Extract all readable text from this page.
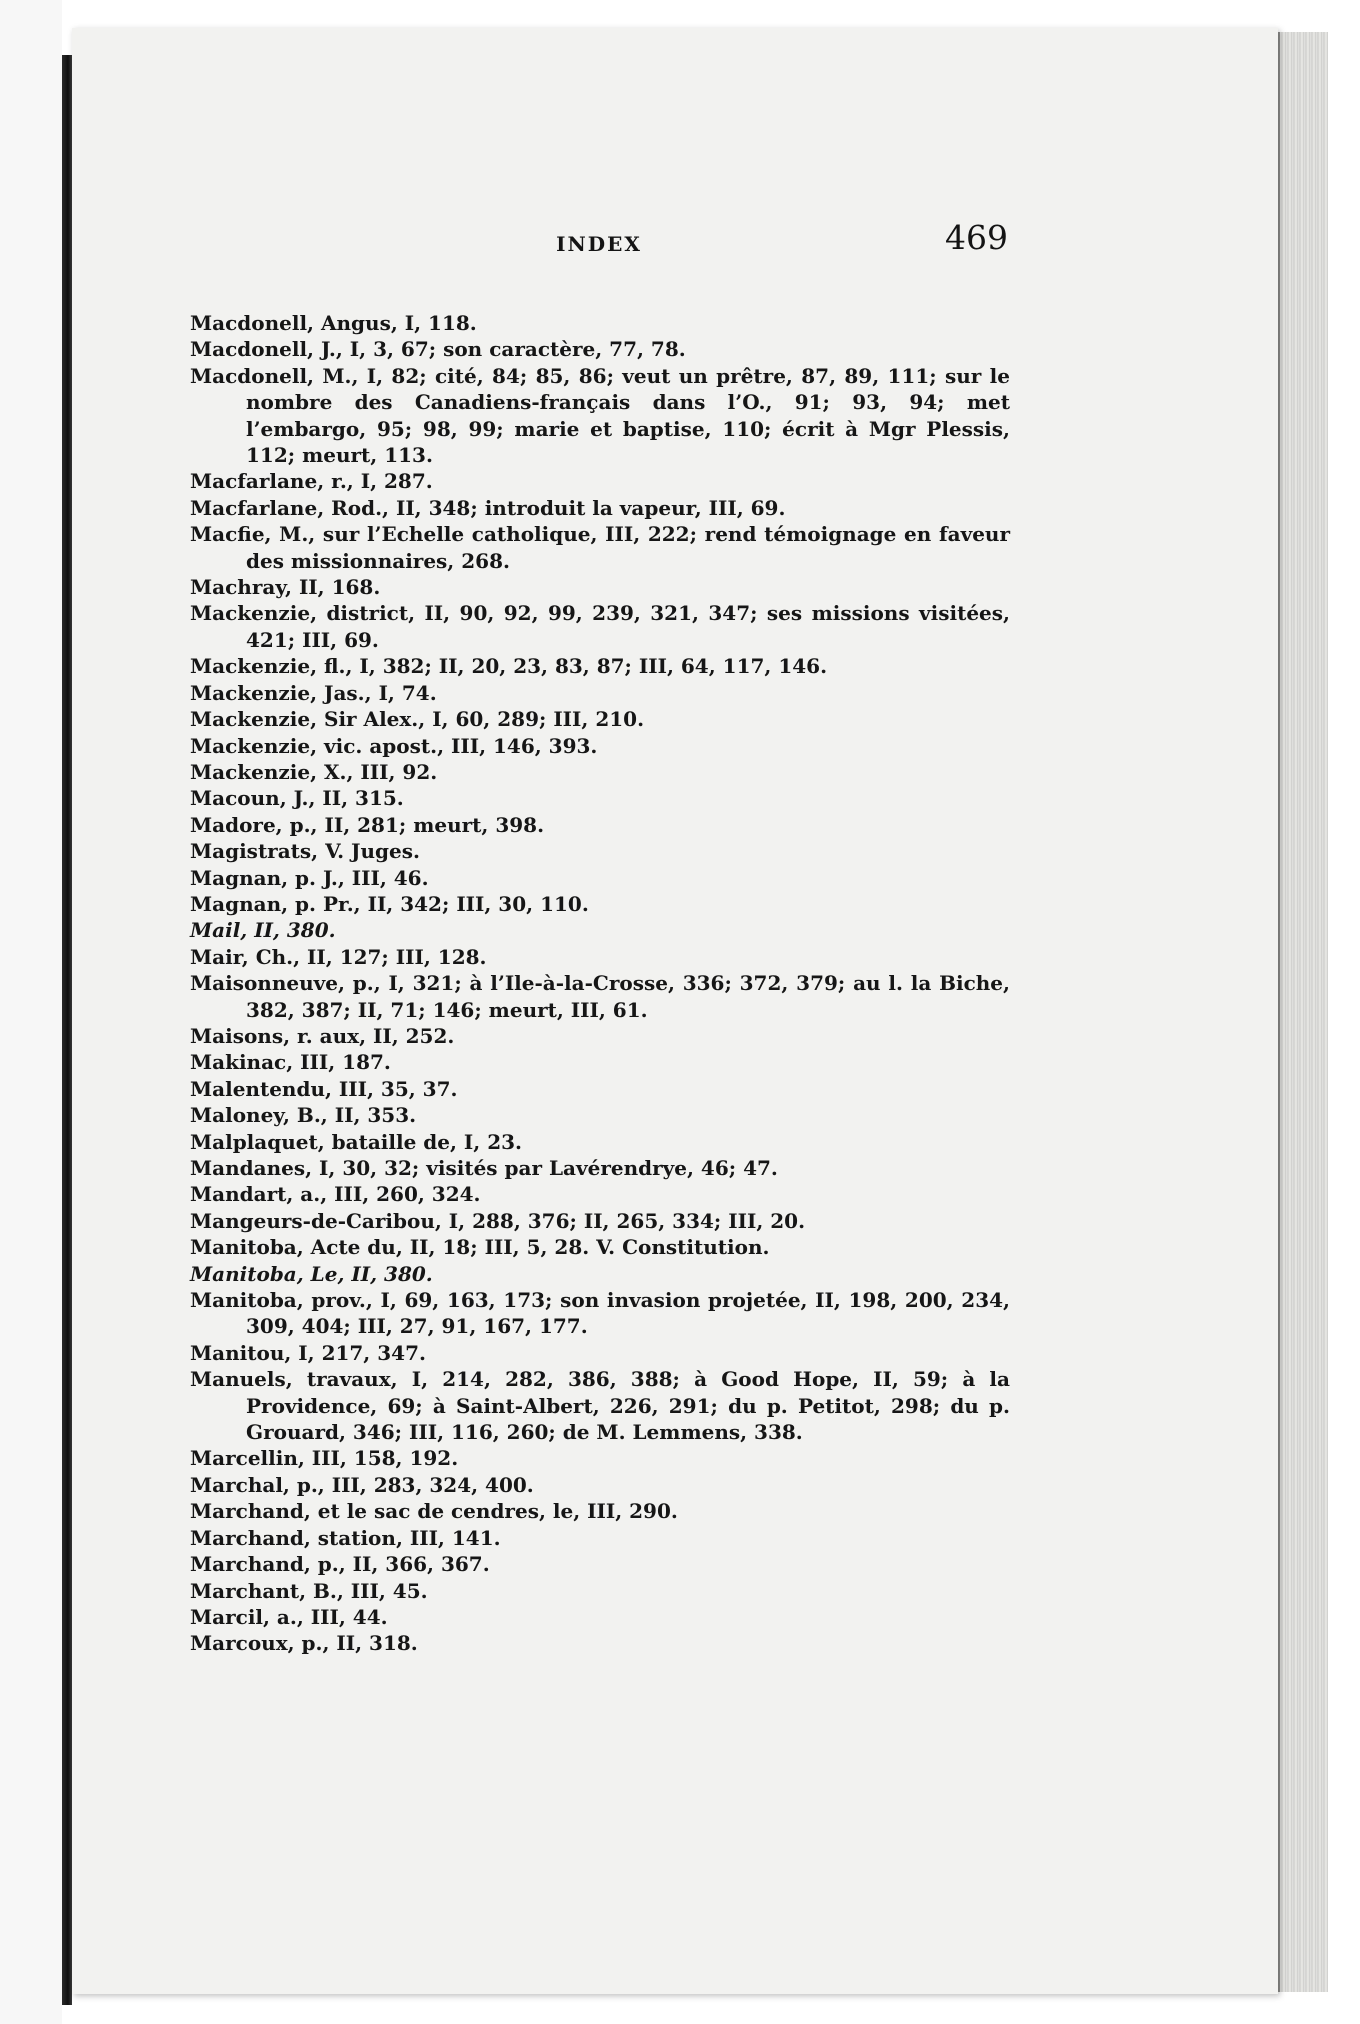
INDEX	469
Macdonell, Angus, I, 118.
Macdonell, J., I, 3, 67; son caractère, 77, 78.
Macdonell, M., I, 82; cité, 84; 85, 86; veut un prêtre, 87, 89, 111; sur le nombre des Canadiens-français dans l’O., 91; 93, 94; met l’embargo, 95; 98, 99; marie et baptise, 110; écrit à Mgr Plessis, 112; meurt, 113.
Macfarlane, r., I, 287.
Macfarlane, Rod., II, 348; introduit la vapeur, III, 69.
Macfie, M., sur l’Echelle catholique, III, 222; rend témoignage en faveur des missionnaires, 268.
Machray, II, 168.
Mackenzie, district, II, 90, 92, 99, 239, 321, 347; ses missions visitées, 421; III, 69.
Mackenzie, fl., I, 382; II, 20, 23, 83, 87; III, 64, 117, 146.
Mackenzie, Jas., I, 74.
Mackenzie, Sir Alex., I, 60, 289; III, 210.
Mackenzie, vic. apost., III, 146, 393.
Mackenzie, X., III, 92.
Macoun, J., II, 315.
Madore, p., II, 281; meurt, 398.
Magistrats, V. Juges.
Magnan, p. J., III, 46.
Magnan, p. Pr., II, 342; III, 30, 110.
Mail, II, 380.
Mair, Ch., II, 127; III, 128.
Maisonneuve, p., I, 321; à l’Ile-à-la-Crosse, 336; 372, 379; au l. la Biche, 382, 387; II, 71; 146; meurt, III, 61.
Maisons, r. aux, II, 252.
Makinac, III, 187.
Malentendu, III, 35, 37.
Maloney, B., II, 353.
Malplaquet, bataille de, I, 23.
Mandanes, I, 30, 32; visités par Lavérendrye, 46; 47.
Mandart, a., III, 260, 324.
Mangeurs-de-Caribou, I, 288, 376; II, 265, 334; III, 20.
Manitoba, Acte du, II, 18; III, 5, 28. V. Constitution.
Manitoba, Le, II, 380.
Manitoba, prov., I, 69, 163, 173; son invasion projetée, II, 198, 200, 234, 309, 404; III, 27, 91, 167, 177.
Manitou, I, 217, 347.
Manuels, travaux, I, 214, 282, 386, 388; à Good Hope, II, 59; à la Providence, 69; à Saint-Albert, 226, 291; du p. Petitot, 298; du p. Grouard, 346; III, 116, 260; de M. Lemmens, 338.
Marcellin, III, 158, 192.
Marchal, p., III, 283, 324, 400.
Marchand, et le sac de cendres, le, III, 290.
Marchand, station, III, 141.
Marchand, p., II, 366, 367.
Marchant, B., III, 45.
Marcil, a., III, 44.
Marcoux, p., II, 318.
